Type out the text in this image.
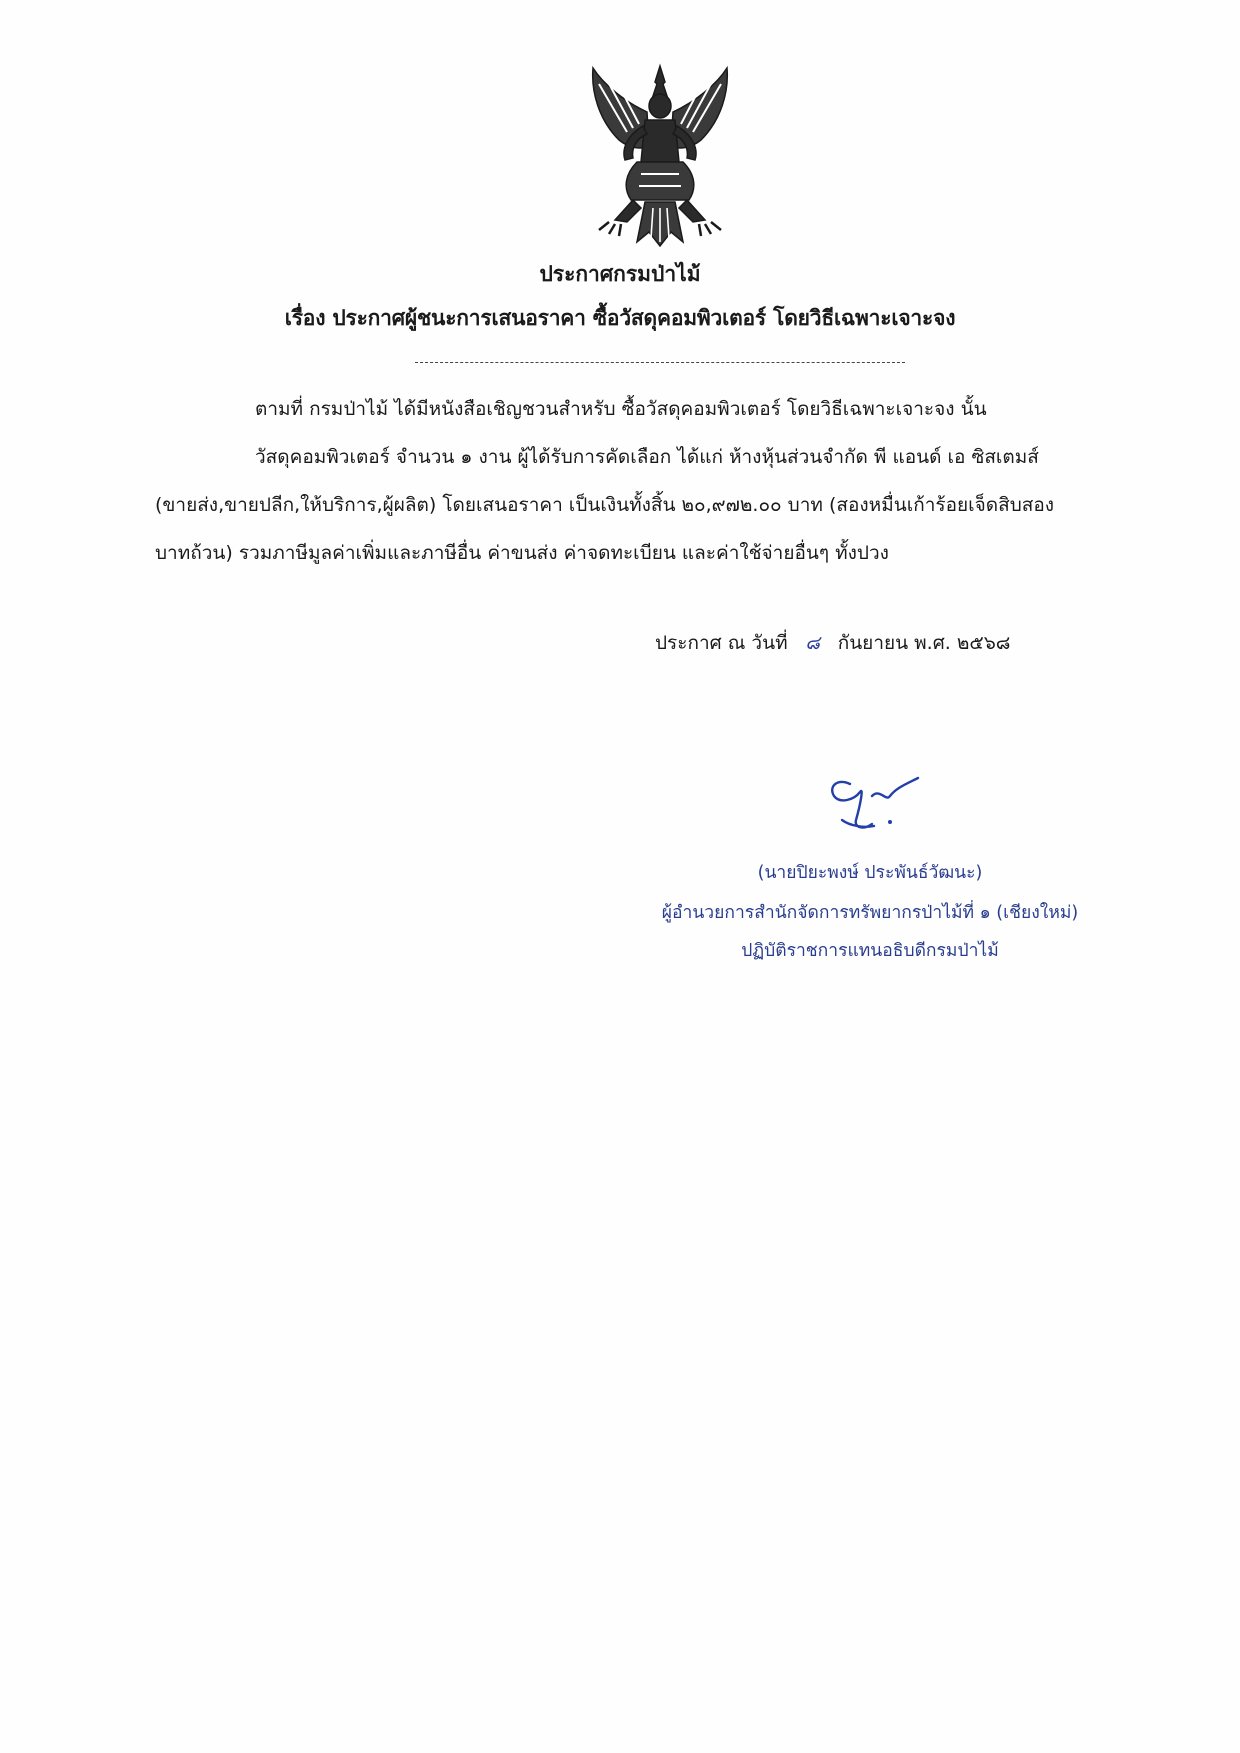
ประกาศกรมป่าไม้
เรื่อง ประกาศผู้ชนะการเสนอราคา ซื้อวัสดุคอมพิวเตอร์ โดยวิธีเฉพาะเจาะจง
ตามที่ กรมป่าไม้ ได้มีหนังสือเชิญชวนสำหรับ ซื้อวัสดุคอมพิวเตอร์ โดยวิธีเฉพาะเจาะจง นั้น
วัสดุคอมพิวเตอร์ จำนวน ๑ งาน ผู้ได้รับการคัดเลือก ได้แก่ ห้างหุ้นส่วนจำกัด พี แอนด์ เอ ซิสเตมส์
(ขายส่ง,ขายปลีก,ให้บริการ,ผู้ผลิต) โดยเสนอราคา เป็นเงินทั้งสิ้น ๒๐,๙๗๒.๐๐ บาท (สองหมื่นเก้าร้อยเจ็ดสิบสอง
บาทถ้วน) รวมภาษีมูลค่าเพิ่มและภาษีอื่น ค่าขนส่ง ค่าจดทะเบียน และค่าใช้จ่ายอื่นๆ ทั้งปวง
ประกาศ ณ วันที่ ๘ กันยายน พ.ศ. ๒๕๖๘
(นายปิยะพงษ์ ประพันธ์วัฒนะ)
ผู้อำนวยการสำนักจัดการทรัพยากรป่าไม้ที่ ๑ (เชียงใหม่)
ปฏิบัติราชการแทนอธิบดีกรมป่าไม้
